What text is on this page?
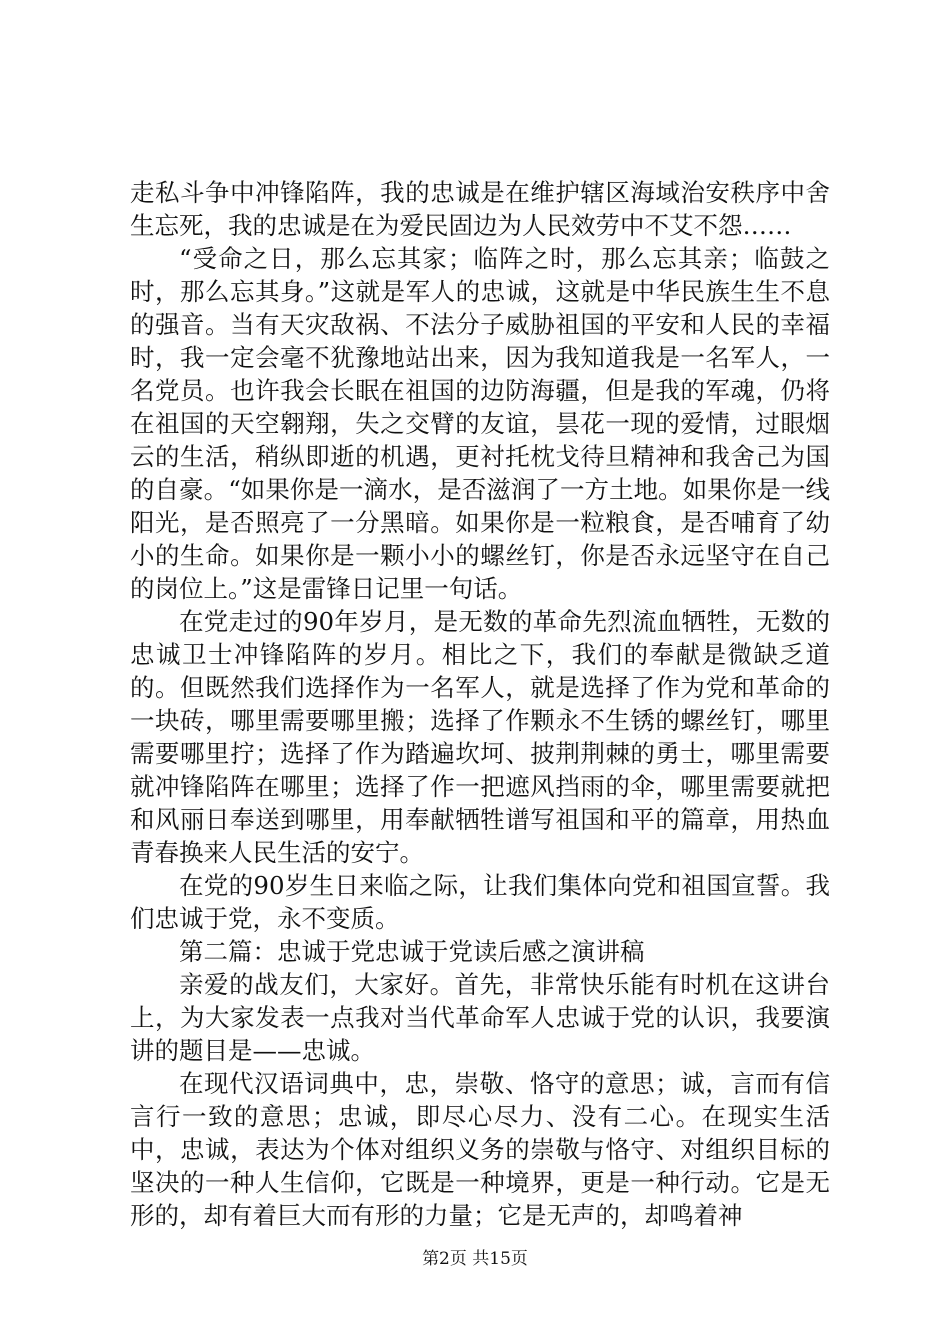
走私斗争中冲锋陷阵，我的忠诚是在维护辖区海域治安秩序中舍生忘死，我的忠诚是在为爱民固边为人民效劳中不艾不怨……

“受命之日，那么忘其家；临阵之时，那么忘其亲；临鼓之时，那么忘其身。”这就是军人的忠诚，这就是中华民族生生不息的强音。当有天灾敌祸、不法分子威胁祖国的平安和人民的幸福时，我一定会毫不犹豫地站出来，因为我知道我是一名军人，一名党员。也许我会长眠在祖国的边防海疆，但是我的军魂，仍将在祖国的天空翱翔，失之交臂的友谊，昙花一现的爱情，过眼烟云的生活，稍纵即逝的机遇，更衬托枕戈待旦精神和我舍己为国的自豪。“如果你是一滴水，是否滋润了一方土地。如果你是一线阳光，是否照亮了一分黑暗。如果你是一粒粮食，是否哺育了幼小的生命。如果你是一颗小小的螺丝钉，你是否永远坚守在自己的岗位上。”这是雷锋日记里一句话。

在党走过的90年岁月，是无数的革命先烈流血牺牲，无数的忠诚卫士冲锋陷阵的岁月。相比之下，我们的奉献是微缺乏道的。但既然我们选择作为一名军人，就是选择了作为党和革命的一块砖，哪里需要哪里搬；选择了作颗永不生锈的螺丝钉，哪里需要哪里拧；选择了作为踏遍坎坷、披荆荆棘的勇士，哪里需要就冲锋陷阵在哪里；选择了作一把遮风挡雨的伞，哪里需要就把和风丽日奉送到哪里，用奉献牺牲谱写祖国和平的篇章，用热血青春换来人民生活的安宁。

在党的90岁生日来临之际，让我们集体向党和祖国宣誓。我们忠诚于党，永不变质。

第二篇：忠诚于党忠诚于党读后感之演讲稿

亲爱的战友们，大家好。首先，非常快乐能有时机在这讲台上，为大家发表一点我对当代革命军人忠诚于党的认识，我要演讲的题目是——忠诚。

在现代汉语词典中，忠，崇敬、恪守的意思；诚，言而有信言行一致的意思；忠诚，即尽心尽力、没有二心。在现实生活中，忠诚，表达为个体对组织义务的崇敬与恪守、对组织目标的坚决的一种人生信仰，它既是一种境界，更是一种行动。它是无形的，却有着巨大而有形的力量；它是无声的，却鸣着神

第2页 共15页
